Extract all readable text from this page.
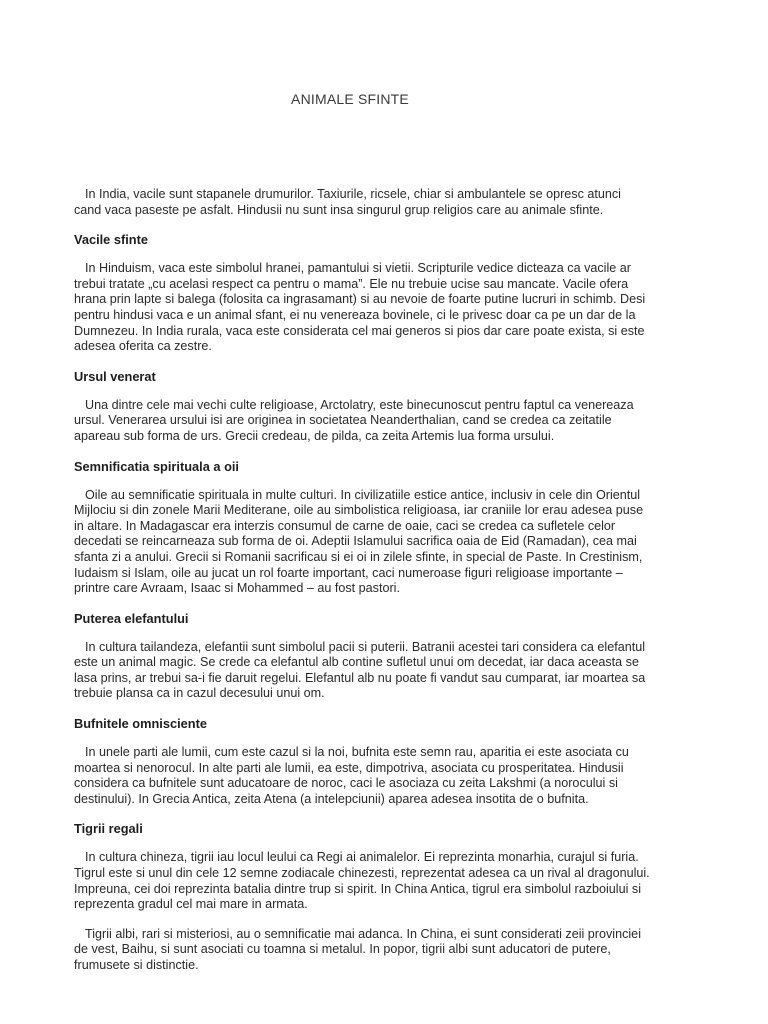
ANIMALE SFINTE

In India, vacile sunt stapanele drumurilor. Taxiurile, ricsele, chiar si ambulantele se opresc atunci
cand vaca paseste pe asfalt. Hindusii nu sunt insa singurul grup religios care au animale sfinte.

Vacile sfinte

In Hinduism, vaca este simbolul hranei, pamantului si vietii. Scripturile vedice dicteaza ca vacile ar
trebui tratate „cu acelasi respect ca pentru o mama”. Ele nu trebuie ucise sau mancate. Vacile ofera
hrana prin lapte si balega (folosita ca ingrasamant) si au nevoie de foarte putine lucruri in schimb. Desi
pentru hindusi vaca e un animal sfant, ei nu venereaza bovinele, ci le privesc doar ca pe un dar de la
Dumnezeu. In India rurala, vaca este considerata cel mai generos si pios dar care poate exista, si este
adesea oferita ca zestre.

Ursul venerat

Una dintre cele mai vechi culte religioase, Arctolatry, este binecunoscut pentru faptul ca venereaza
ursul. Venerarea ursului isi are originea in societatea Neanderthalian, cand se credea ca zeitatile
apareau sub forma de urs. Grecii credeau, de pilda, ca zeita Artemis lua forma ursului.

Semnificatia spirituala a oii

Oile au semnificatie spirituala in multe culturi. In civilizatiile estice antice, inclusiv in cele din Orientul
Mijlociu si din zonele Marii Mediterane, oile au simbolistica religioasa, iar craniile lor erau adesea puse
in altare. In Madagascar era interzis consumul de carne de oaie, caci se credea ca sufletele celor
decedati se reincarneaza sub forma de oi. Adeptii Islamului sacrifica oaia de Eid (Ramadan), cea mai
sfanta zi a anului. Grecii si Romanii sacrificau si ei oi in zilele sfinte, in special de Paste. In Crestinism,
Iudaism si Islam, oile au jucat un rol foarte important, caci numeroase figuri religioase importante –
printre care Avraam, Isaac si Mohammed – au fost pastori.

Puterea elefantului

In cultura tailandeza, elefantii sunt simbolul pacii si puterii. Batranii acestei tari considera ca elefantul
este un animal magic. Se crede ca elefantul alb contine sufletul unui om decedat, iar daca aceasta se
lasa prins, ar trebui sa-i fie daruit regelui. Elefantul alb nu poate fi vandut sau cumparat, iar moartea sa
trebuie plansa ca in cazul decesului unui om.

Bufnitele omnisciente

In unele parti ale lumii, cum este cazul si la noi, bufnita este semn rau, aparitia ei este asociata cu
moartea si nenorocul. In alte parti ale lumii, ea este, dimpotriva, asociata cu prosperitatea. Hindusii
considera ca bufnitele sunt aducatoare de noroc, caci le asociaza cu zeita Lakshmi (a norocului si
destinului). In Grecia Antica, zeita Atena (a intelepciunii) aparea adesea insotita de o bufnita.

Tigrii regali

In cultura chineza, tigrii iau locul leului ca Regi ai animalelor. Ei reprezinta monarhia, curajul si furia.
Tigrul este si unul din cele 12 semne zodiacale chinezesti, reprezentat adesea ca un rival al dragonului.
Impreuna, cei doi reprezinta batalia dintre trup si spirit. In China Antica, tigrul era simbolul razboiului si
reprezenta gradul cel mai mare in armata.

Tigrii albi, rari si misteriosi, au o semnificatie mai adanca. In China, ei sunt considerati zeii provinciei
de vest, Baihu, si sunt asociati cu toamna si metalul. In popor, tigrii albi sunt aducatori de putere,
frumusete si distinctie.
